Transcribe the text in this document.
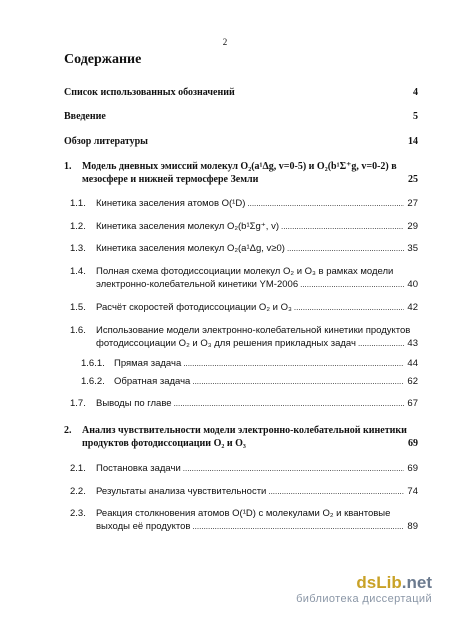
2
Содержание
Список использованных обозначений	4
Введение	5
Обзор литературы	14
1.	Модель дневных эмиссий молекул O₂(a¹Δg, v=0-5) и O₂(b¹Σ⁺g, v=0-2) в
мезосфере и нижней термосфере Земли	25
1.1. Кинетика заселения атомов O(¹D) .....	27
1.2. Кинетика заселения молекул O₂(b¹Σg⁺, v) .....	29
1.3. Кинетика заселения молекул O₂(a¹Δg, v≥0) .....	35
1.4.	Полная схема фотодиссоциации молекул O₂ и O₃ в рамках модели
электронно-колебательной кинетики YM-2006 .....	40
1.5. Расчёт скоростей фотодиссоциации O₂ и O₃ .....	42
1.6.	Использование модели электронно-колебательной кинетики продуктов
фотодиссоциации O₂ и O₃ для решения прикладных задач .....	43
1.6.1. Прямая задача .....	44
1.6.2. Обратная задача .....	62
1.7. Выводы по главе .....	67
2.	Анализ чувствительности модели электронно-колебательной кинетики
продуктов фотодиссоциации O₂ и O₃	69
2.1. Постановка задачи .....	69
2.2. Результаты анализа чувствительности .....	74
2.3.	Реакция столкновения атомов O(¹D) с молекулами O₂ и квантовые
выходы её продуктов .....	89
dsLib.net
библиотека диссертаций
